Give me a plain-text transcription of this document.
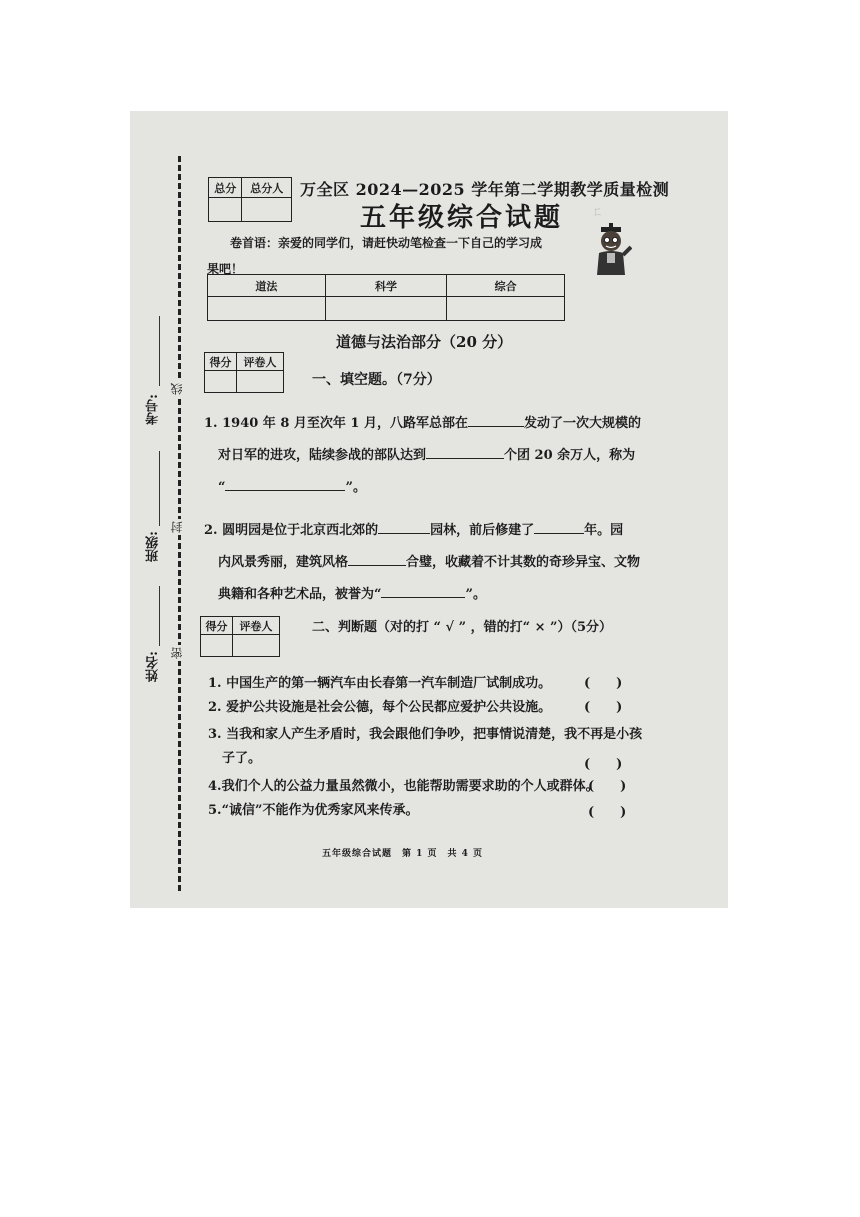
考号:
班级:
姓名:
线
封
密
ㄈ　　　　　　　　

总分	总分人
	万全区 2024—2025 学年第二学期教学质量检测
五年级综合试题
卷首语：亲爱的同学们，请赶快动笔检查一下自己的学习成
果吧！
道法	科学	综合

道德与法治部分（20 分）
得分	评卷人

一、填空题。（7分）
1. 1940 年 8 月至次年 1 月，八路军总部在	发动了一次大规模的
对日军的进攻，陆续参战的部队达到	个团 20 余万人，称为
“	”。
2. 圆明园是位于北京西北郊的	园林，前后修建了	年。园
内风景秀丽，建筑风格	合璧，收藏着不计其数的奇珍异宝、文物
典籍和各种艺术品，被誉为“	”。
得分	评卷人
		二、判断题（对的打 “ √ ” ，错的打“ × ”）（5分）
1. 中国生产的第一辆汽车由长春第一汽车制造厂试制成功。	(　　)
2. 爱护公共设施是社会公德，每个公民都应爱护公共设施。	(　　)
3. 当我和家人产生矛盾时，我会跟他们争吵，把事情说清楚，我不再是小孩
子了。	(　　)
4.我们个人的公益力量虽然微小，也能帮助需要求助的个人或群体。
(　　)
5.“诚信”不能作为优秀家风来传承。	(　　)
五年级综合试题　第 1 页　共 4 页
